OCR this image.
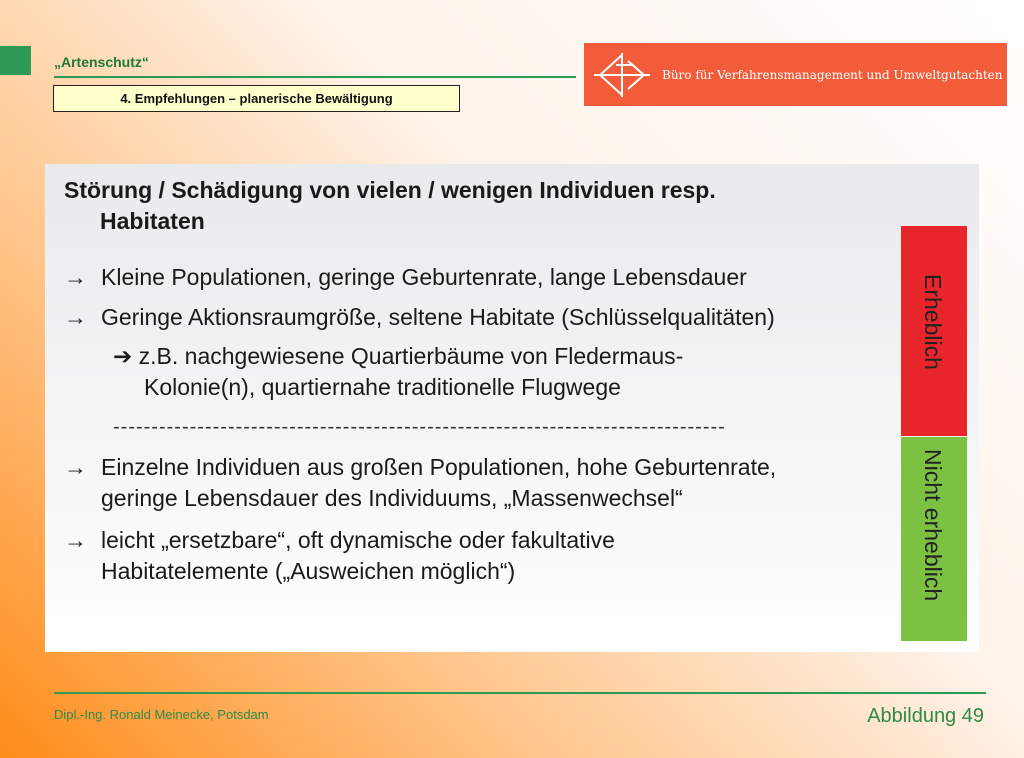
„Artenschutz“
4. Empfehlungen – planerische Bewältigung
Büro für Verfahrensmanagement und Umweltgutachten
Störung / Schädigung von vielen / wenigen Individuen resp.
Habitaten
→ Kleine Populationen, geringe Geburtenrate, lange Lebensdauer
→ Geringe Aktionsraumgröße, seltene Habitate (Schlüsselqualitäten)
➔ z.B. nachgewiesene Quartierbäume von Fledermaus-
Kolonie(n), quartiernahe traditionelle Flugwege
--------------------------------------------------------------------------------
→ Einzelne Individuen aus großen Populationen, hohe Geburtenrate,
geringe Lebensdauer des Individuums, „Massenwechsel“
→ leicht „ersetzbare“, oft dynamische oder fakultative
Habitatelemente („Ausweichen möglich“)
Erheblich
Nicht erheblich
Dipl.-Ing. Ronald Meinecke, Potsdam	Abbildung 49
